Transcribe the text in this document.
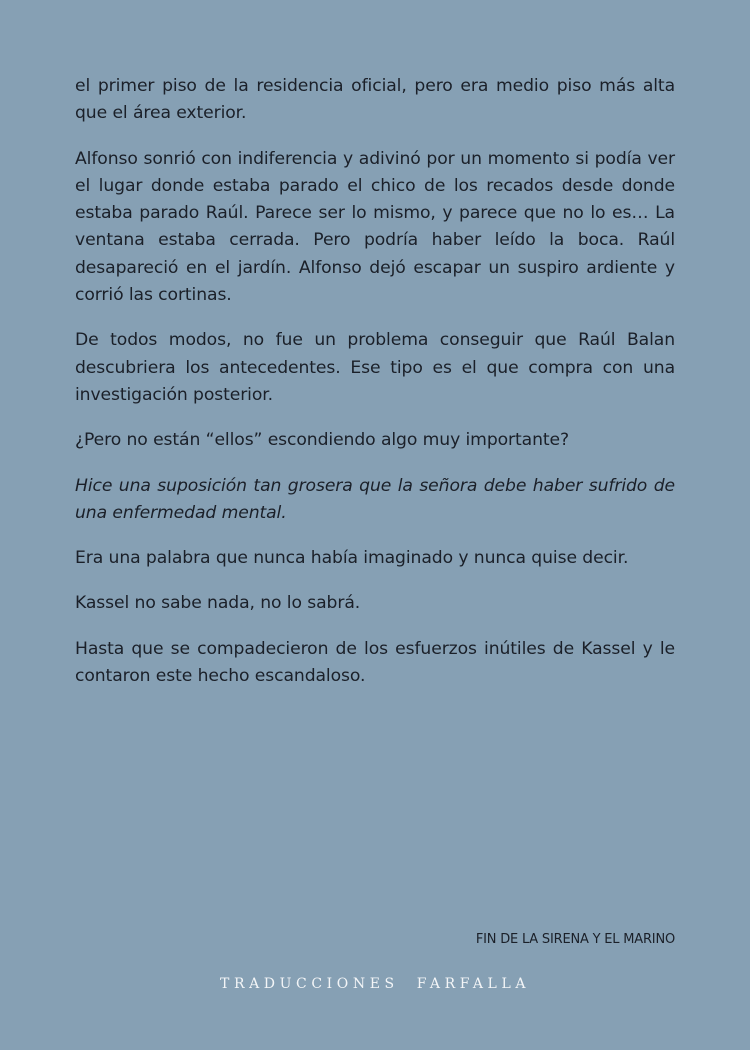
el primer piso de la residencia oficial, pero era medio piso más alta que el área exterior.

Alfonso sonrió con indiferencia y adivinó por un momento si podía ver el lugar donde estaba parado el chico de los recados desde donde estaba parado Raúl. Parece ser lo mismo, y parece que no lo es… La ventana estaba cerrada. Pero podría haber leído la boca. Raúl desapareció en el jardín. Alfonso dejó escapar un suspiro ardiente y corrió las cortinas.

De todos modos, no fue un problema conseguir que Raúl Balan descubriera los antecedentes. Ese tipo es el que compra con una investigación posterior.

¿Pero no están “ellos” escondiendo algo muy importante?

Hice una suposición tan grosera que la señora debe haber sufrido de una enfermedad mental.

Era una palabra que nunca había imaginado y nunca quise decir.

Kassel no sabe nada, no lo sabrá.

Hasta que se compadecieron de los esfuerzos inútiles de Kassel y le contaron este hecho escandaloso.

FIN DE LA SIRENA Y EL MARINO
TRADUCCIONES  FARFALLA
